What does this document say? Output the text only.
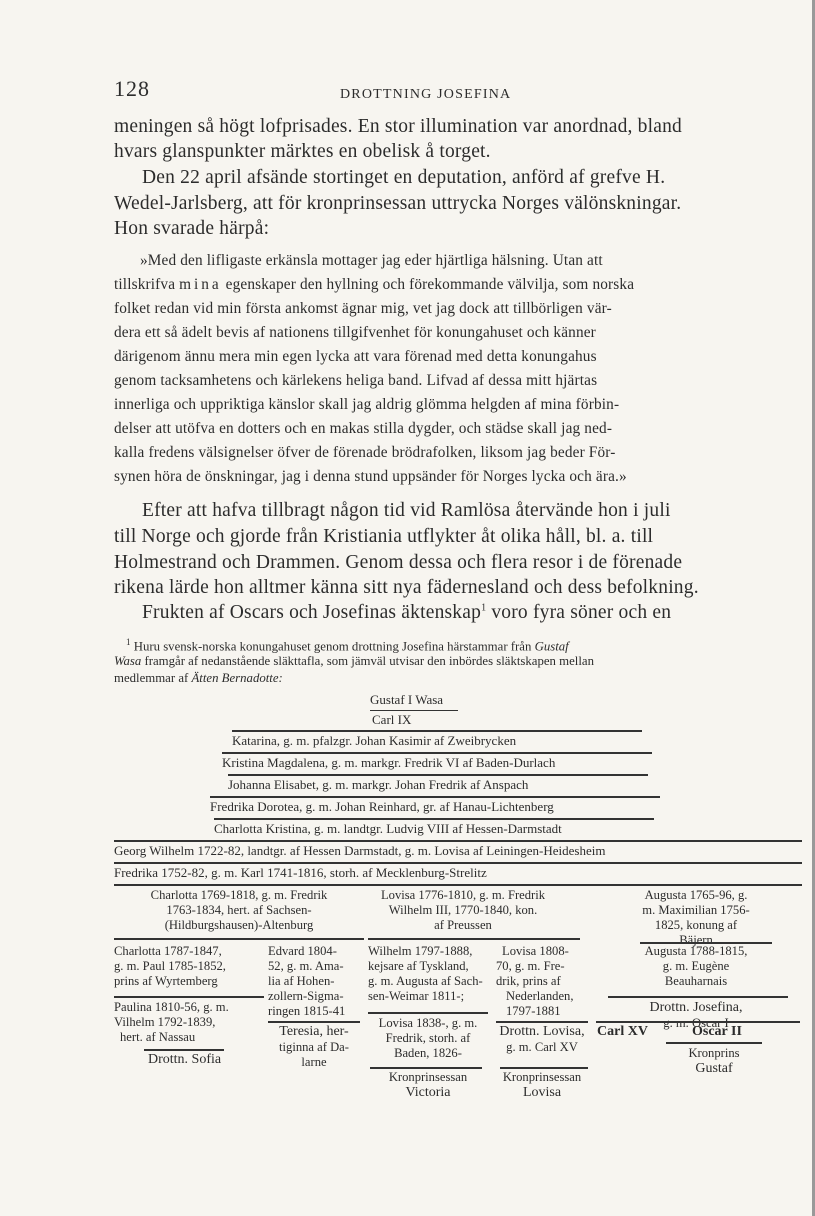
128	DROTTNING JOSEFINA
meningen så högt lofprisades. En stor illumination var anordnad, bland
hvars glanspunkter märktes en obelisk å torget.
Den 22 april afsände stortinget en deputation, anförd af grefve H.
Wedel-Jarlsberg, att för kronprinsessan uttrycka Norges välönskningar.
Hon svarade härpå:
»Med den lifligaste erkänsla mottager jag eder hjärtliga hälsning. Utan att
tillskrifva mina egenskaper den hyllning och förekommande välvilja, som norska
folket redan vid min första ankomst ägnar mig, vet jag dock att tillbörligen vär-
dera ett så ädelt bevis af nationens tillgifvenhet för konungahuset och känner
därigenom ännu mera min egen lycka att vara förenad med detta konungahus
genom tacksamhetens och kärlekens heliga band. Lifvad af dessa mitt hjärtas
innerliga och uppriktiga känslor skall jag aldrig glömma helgden af mina förbin-
delser att utöfva en dotters och en makas stilla dygder, och städse skall jag ned-
kalla fredens välsignelser öfver de förenade brödrafolken, liksom jag beder För-
synen höra de önskningar, jag i denna stund uppsänder för Norges lycka och ära.»
Efter att hafva tillbragt någon tid vid Ramlösa återvände hon i juli
till Norge och gjorde från Kristiania utflykter åt olika håll, bl. a. till
Holmestrand och Drammen. Genom dessa och flera resor i de förenade
rikena lärde hon alltmer känna sitt nya fädernesland och dess befolkning.
Frukten af Oscars och Josefinas äktenskap$^1$ voro fyra söner och en
$^1$ Huru svensk-norska konungahuset genom drottning Josefina härstammar från Gustaf
Wasa framgår af nedanstående släkttafla, som jämväl utvisar den inbördes släktskapen mellan
medlemmar af Ätten Bernadotte:
Gustaf I Wasa
Carl IX
Katarina, g. m. pfalzgr. Johan Kasimir af Zweibrycken
Kristina Magdalena, g. m. markgr. Fredrik VI af Baden-Durlach
Johanna Elisabet, g. m. markgr. Johan Fredrik af Anspach
Fredrika Dorotea, g. m. Johan Reinhard, gr. af Hanau-Lichtenberg
Charlotta Kristina, g. m. landtgr. Ludvig VIII af Hessen-Darmstadt
Georg Wilhelm 1722-82, landtgr. af Hessen Darmstadt, g. m. Lovisa af Leiningen-Heidesheim
Fredrika 1752-82, g. m. Karl 1741-1816, storh. af Mecklenburg-Strelitz
Charlotta 1769-1818, g. m. Fredrik
1763-1834, hert. af Sachsen-
(Hildburgshausen)-Altenburg
Charlotta 1787-1847,
g. m. Paul 1785-1852,
prins af Wyrtemberg
Paulina 1810-56, g. m.
Vilhelm 1792-1839,
hert. af Nassau
Drottn. Sofia
Edvard 1804-
52, g. m. Ama-
lia af Hohen-
zollern-Sigma-
ringen 1815-41
Teresia, her-
tiginna af Da-
larne
Lovisa 1776-1810, g. m. Fredrik
Wilhelm III, 1770-1840, kon.
af Preussen
Wilhelm 1797-1888,
kejsare af Tyskland,
g. m. Augusta af Sach-
sen-Weimar 1811-;
Lovisa 1838-, g. m.
Fredrik, storh. af
Baden, 1826-
Kronprinsessan
Victoria
Lovisa 1808-
70, g. m. Fre-
drik, prins af
Nederlanden,
1797-1881
Drottn. Lovisa,
g. m. Carl XV
Kronprinsessan
Lovisa
Augusta 1765-96, g.
m. Maximilian 1756-
1825, konung af
Bäjern
Augusta 1788-1815,
g. m. Eugène
Beauharnais
Drottn. Josefina,
g. m. Oscar I
Carl XV	Oscar II
Kronprins
Gustaf
